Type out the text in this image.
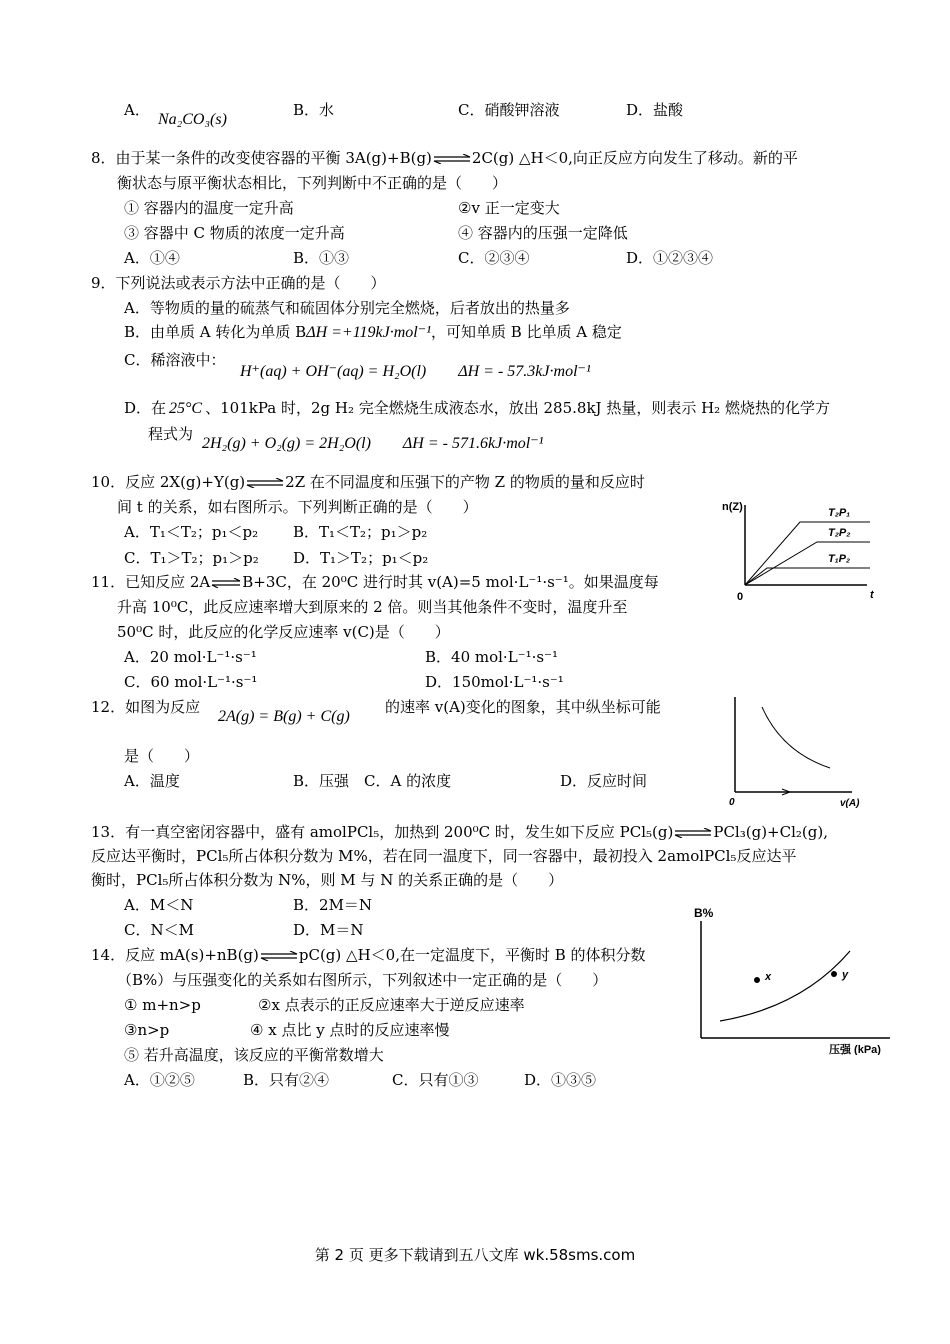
A．
Na₂CO₃(s)
B．水	C．硝酸钾溶液	D．盐酸
8．由于某一条件的改变使容器的平衡 3A(g)+B(g)⇌2C(g) △H＜0,向正反应方向发生了移动。新的平
衡状态与原平衡状态相比，下列判断中不正确的是（　　）
① 容器内的温度一定升高	②v 正一定变大
③ 容器中 C 物质的浓度一定升高	④ 容器内的压强一定降低
A．①④	B．①③	C．②③④	D．①②③④
9．下列说法或表示方法中正确的是（　　）
A．等物质的量的硫蒸气和硫固体分别完全燃烧，后者放出的热量多
B．由单质 A 转化为单质 BΔH =+119kJ·mol⁻¹，可知单质 B 比单质 A 稳定
C．稀溶液中：
H⁺(aq) + OH⁻(aq) = H₂O(l)　　ΔH = - 57.3kJ·mol⁻¹
D．在 25°C 、101kPa 时，2g H₂ 完全燃烧生成液态水，放出 285.8kJ 热量，则表示 H₂ 燃烧热的化学方
程式为
2H₂(g) + O₂(g) = 2H₂O(l)　　ΔH = - 571.6kJ·mol⁻¹
10．反应 2X(g)+Y(g)⇌2Z 在不同温度和压强下的产物 Z 的物质的量和反应时
间 t 的关系，如右图所示。下列判断正确的是（　　）
A．T₁＜T₂；p₁＜p₂ B．T₁＜T₂；p₁＞p₂
C．T₁＞T₂；p₁＞p₂ D．T₁＞T₂；p₁＜p₂
n(Z)
0	t
T₂P₁
T₂P₂
T₁P₂
11．已知反应 2A⇌B+3C，在 20⁰C 进行时其 v(A)=5 mol·L⁻¹·s⁻¹。如果温度每
升高 10⁰C，此反应速率增大到原来的 2 倍。则当其他条件不变时，温度升至
50⁰C 时，此反应的化学反应速率 v(C)是（　　）
A．20 mol·L⁻¹·s⁻¹	B．40 mol·L⁻¹·s⁻¹
C．60 mol·L⁻¹·s⁻¹	D．150mol·L⁻¹·s⁻¹
12．如图为反应
2A(g) = B(g) + C(g)
的速率 v(A)变化的图象，其中纵坐标可能
是（　　）
A．温度	B．压强　C．A 的浓度	D．反应时间
0	v(A)
13．有一真空密闭容器中，盛有 amolPCl₅，加热到 200⁰C 时，发生如下反应 PCl₅(g)⇌PCl₃(g)+Cl₂(g),
反应达平衡时，PCl₅所占体积分数为 M%，若在同一温度下，同一容器中，最初投入 2amolPCl₅反应达平
衡时，PCl₅所占体积分数为 N%，则 M 与 N 的关系正确的是（　　）
A．M＜N	B．2M＝N
C．N＜M	D．M＝N
14．反应 mA(s)+nB(g)⇌pC(g) △H＜0,在一定温度下，平衡时 B 的体积分数
（B%）与压强变化的关系如右图所示，下列叙述中一定正确的是（　　）
① m+n>p	②x 点表示的正反应速率大于逆反应速率
③n>p	④ x 点比 y 点时的反应速率慢
⑤ 若升高温度，该反应的平衡常数增大
A．①②⑤	B．只有②④	C．只有①③	D．①③⑤
B%
x	y
压强 (kPa)
第 2 页 更多下载请到五八文库 wk.58sms.com
